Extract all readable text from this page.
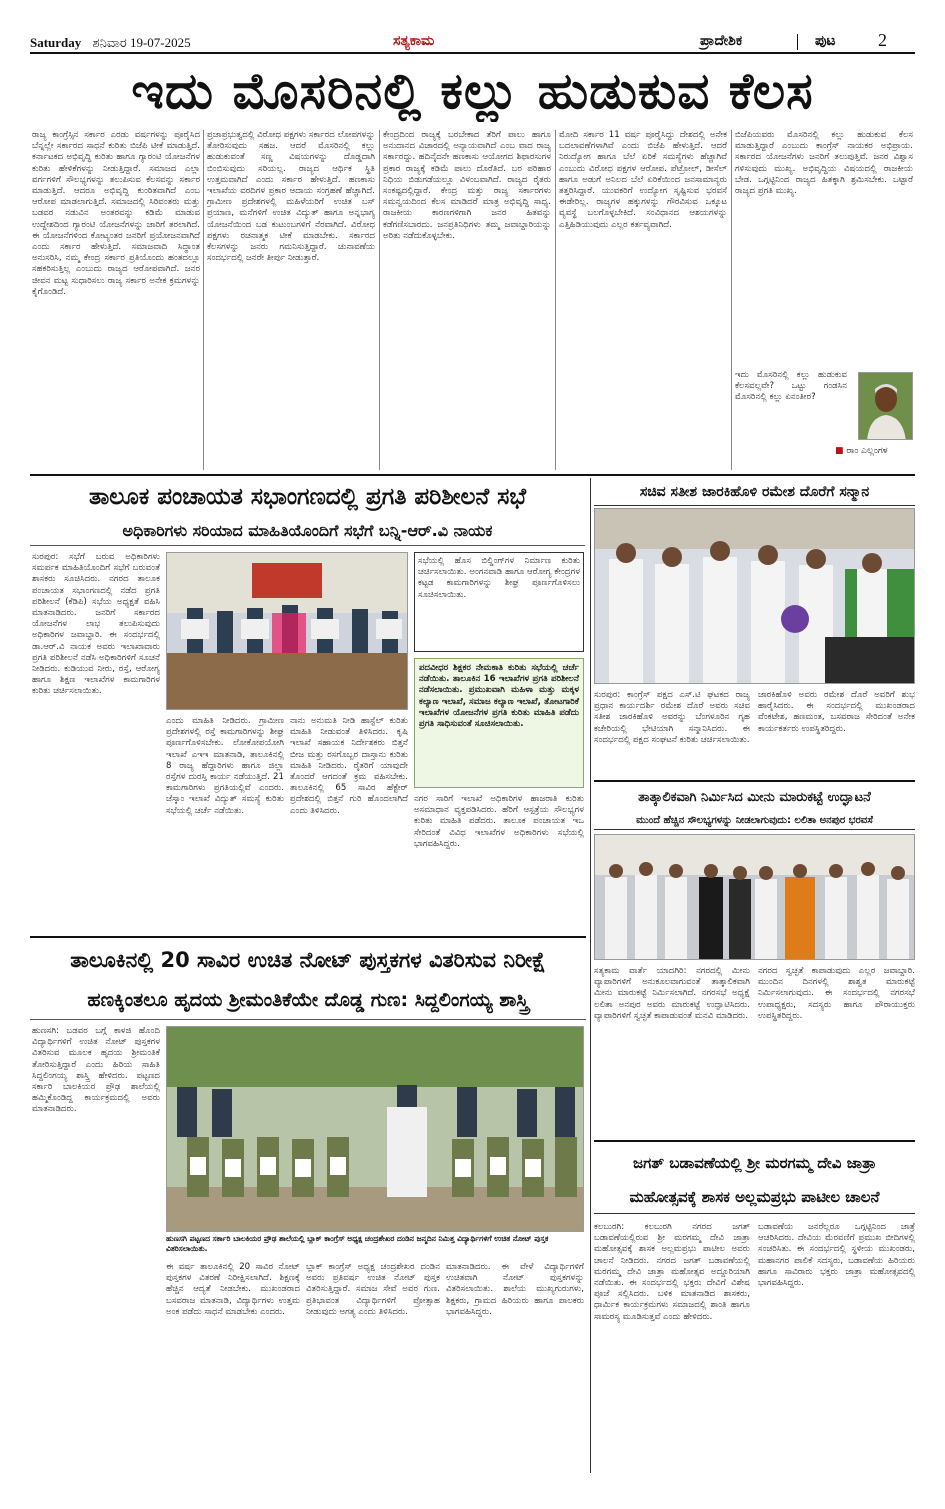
Saturday ಶನಿವಾರ 19-07-2025	ಸತ್ಯಕಾಮ	ಪ್ರಾದೇಶಿಕ	ಪುಟ 2
ಇದು ಮೊಸರಿನಲ್ಲಿ ಕಲ್ಲು ಹುಡುಕುವ ಕೆಲಸ
ರಾಜ್ಯ ಕಾಂಗ್ರೆಸ್ಸಿನ ಸರ್ಕಾರ ಎರಡು ವರ್ಷಗಳನ್ನು ಪೂರೈಸಿದ ಬೆನ್ನಲ್ಲೇ ಸರ್ಕಾರದ ಸಾಧನೆ ಕುರಿತು ಬಿಜೆಪಿ ಟೀಕೆ ಮಾಡುತ್ತಿದೆ. ಕರ್ನಾಟಕದ ಅಭಿವೃದ್ಧಿ ಕುರಿತು ಹಾಗೂ ಗ್ಯಾರಂಟಿ ಯೋಜನೆಗಳ ಕುರಿತು ಹೇಳಿಕೆಗಳನ್ನು ನೀಡುತ್ತಿದ್ದಾರೆ. ಸಮಾಜದ ಎಲ್ಲಾ ವರ್ಗಗಳಿಗೆ ಸೌಲಭ್ಯಗಳನ್ನು ತಲುಪಿಸುವ ಕೆಲಸವನ್ನು ಸರ್ಕಾರ ಮಾಡುತ್ತಿದೆ. ಆದರೂ ಅಭಿವೃದ್ಧಿ ಕುಂಠಿತವಾಗಿದೆ ಎಂಬ ಆರೋಪ ಮಾಡಲಾಗುತ್ತಿದೆ. ಸಮಾಜದಲ್ಲಿ ಸಿರಿವಂತರು ಮತ್ತು ಬಡವರ ನಡುವಿನ ಅಂತರವನ್ನು ಕಡಿಮೆ ಮಾಡುವ ಉದ್ದೇಶದಿಂದ ಗ್ಯಾರಂಟಿ ಯೋಜನೆಗಳನ್ನು ಜಾರಿಗೆ ತರಲಾಗಿದೆ. ಈ ಯೋಜನೆಗಳಿಂದ ಕೋಟ್ಯಂತರ ಜನರಿಗೆ ಪ್ರಯೋಜನವಾಗಿದೆ ಎಂದು ಸರ್ಕಾರ ಹೇಳುತ್ತಿದೆ. ಸಮಾಜವಾದಿ ಸಿದ್ಧಾಂತ ಅನುಸರಿಸಿ, ನಮ್ಮ ಕೇಂದ್ರ ಸರ್ಕಾರ ಪ್ರತಿಯೊಂದು ಹಂತದಲ್ಲೂ ಸಹಕರಿಸುತ್ತಿಲ್ಲ ಎಂಬುದು ರಾಜ್ಯದ ಆರೋಪವಾಗಿದೆ. ಜನರ ಜೀವನ ಮಟ್ಟ ಸುಧಾರಿಸಲು ರಾಜ್ಯ ಸರ್ಕಾರ ಅನೇಕ ಕ್ರಮಗಳನ್ನು ಕೈಗೊಂಡಿದೆ.
ಪ್ರಜಾಪ್ರಭುತ್ವದಲ್ಲಿ ವಿರೋಧ ಪಕ್ಷಗಳು ಸರ್ಕಾರದ ಲೋಪಗಳನ್ನು ತೋರಿಸುವುದು ಸಹಜ. ಆದರೆ ಮೊಸರಿನಲ್ಲಿ ಕಲ್ಲು ಹುಡುಕುವಂತೆ ಸಣ್ಣ ವಿಷಯಗಳನ್ನು ದೊಡ್ಡದಾಗಿ ಬಿಂಬಿಸುವುದು ಸರಿಯಲ್ಲ. ರಾಜ್ಯದ ಆರ್ಥಿಕ ಸ್ಥಿತಿ ಉತ್ತಮವಾಗಿದೆ ಎಂದು ಸರ್ಕಾರ ಹೇಳುತ್ತಿದೆ. ಹಣಕಾಸು ಇಲಾಖೆಯ ವರದಿಗಳ ಪ್ರಕಾರ ಆದಾಯ ಸಂಗ್ರಹಣೆ ಹೆಚ್ಚಾಗಿದೆ. ಗ್ರಾಮೀಣ ಪ್ರದೇಶಗಳಲ್ಲಿ ಮಹಿಳೆಯರಿಗೆ ಉಚಿತ ಬಸ್ ಪ್ರಯಾಣ, ಮನೆಗಳಿಗೆ ಉಚಿತ ವಿದ್ಯುತ್ ಹಾಗೂ ಅನ್ನಭಾಗ್ಯ ಯೋಜನೆಯಿಂದ ಬಡ ಕುಟುಂಬಗಳಿಗೆ ನೆರವಾಗಿದೆ. ವಿರೋಧ ಪಕ್ಷಗಳು ರಚನಾತ್ಮಕ ಟೀಕೆ ಮಾಡಬೇಕು. ಸರ್ಕಾರದ ಕೆಲಸಗಳನ್ನು ಜನರು ಗಮನಿಸುತ್ತಿದ್ದಾರೆ. ಚುನಾವಣೆಯ ಸಂದರ್ಭದಲ್ಲಿ ಜನರೇ ತೀರ್ಪು ನೀಡುತ್ತಾರೆ.
ಕೇಂದ್ರದಿಂದ ರಾಜ್ಯಕ್ಕೆ ಬರಬೇಕಾದ ತೆರಿಗೆ ಪಾಲು ಹಾಗೂ ಅನುದಾನದ ವಿಚಾರದಲ್ಲಿ ಅನ್ಯಾಯವಾಗಿದೆ ಎಂಬ ವಾದ ರಾಜ್ಯ ಸರ್ಕಾರದ್ದು. ಹದಿನೈದನೇ ಹಣಕಾಸು ಆಯೋಗದ ಶಿಫಾರಸುಗಳ ಪ್ರಕಾರ ರಾಜ್ಯಕ್ಕೆ ಕಡಿಮೆ ಪಾಲು ದೊರೆತಿದೆ. ಬರ ಪರಿಹಾರ ನಿಧಿಯ ಬಿಡುಗಡೆಯಲ್ಲೂ ವಿಳಂಬವಾಗಿದೆ. ರಾಜ್ಯದ ರೈತರು ಸಂಕಷ್ಟದಲ್ಲಿದ್ದಾರೆ. ಕೇಂದ್ರ ಮತ್ತು ರಾಜ್ಯ ಸರ್ಕಾರಗಳು ಸಮನ್ವಯದಿಂದ ಕೆಲಸ ಮಾಡಿದರೆ ಮಾತ್ರ ಅಭಿವೃದ್ಧಿ ಸಾಧ್ಯ. ರಾಜಕೀಯ ಕಾರಣಗಳಿಗಾಗಿ ಜನರ ಹಿತವನ್ನು ಕಡೆಗಣಿಸಬಾರದು. ಜನಪ್ರತಿನಿಧಿಗಳು ತಮ್ಮ ಜವಾಬ್ದಾರಿಯನ್ನು ಅರಿತು ನಡೆದುಕೊಳ್ಳಬೇಕು.
ಮೋದಿ ಸರ್ಕಾರ 11 ವರ್ಷ ಪೂರೈಸಿದ್ದು ದೇಶದಲ್ಲಿ ಅನೇಕ ಬದಲಾವಣೆಗಳಾಗಿವೆ ಎಂದು ಬಿಜೆಪಿ ಹೇಳುತ್ತಿದೆ. ಆದರೆ ನಿರುದ್ಯೋಗ ಹಾಗೂ ಬೆಲೆ ಏರಿಕೆ ಸಮಸ್ಯೆಗಳು ಹೆಚ್ಚಾಗಿವೆ ಎಂಬುದು ವಿರೋಧ ಪಕ್ಷಗಳ ಆರೋಪ. ಪೆಟ್ರೋಲ್, ಡೀಸೆಲ್ ಹಾಗೂ ಅಡುಗೆ ಅನಿಲದ ಬೆಲೆ ಏರಿಕೆಯಿಂದ ಜನಸಾಮಾನ್ಯರು ತತ್ತರಿಸಿದ್ದಾರೆ. ಯುವಕರಿಗೆ ಉದ್ಯೋಗ ಸೃಷ್ಟಿಸುವ ಭರವಸೆ ಈಡೇರಿಲ್ಲ. ರಾಜ್ಯಗಳ ಹಕ್ಕುಗಳನ್ನು ಗೌರವಿಸುವ ಒಕ್ಕೂಟ ವ್ಯವಸ್ಥೆ ಬಲಗೊಳ್ಳಬೇಕಿದೆ. ಸಂವಿಧಾನದ ಆಶಯಗಳನ್ನು ಎತ್ತಿಹಿಡಿಯುವುದು ಎಲ್ಲರ ಕರ್ತವ್ಯವಾಗಿದೆ.
ಬಿಜೆಪಿಯವರು ಮೊಸರಿನಲ್ಲಿ ಕಲ್ಲು ಹುಡುಕುವ ಕೆಲಸ ಮಾಡುತ್ತಿದ್ದಾರೆ ಎಂಬುದು ಕಾಂಗ್ರೆಸ್ ನಾಯಕರ ಅಭಿಪ್ರಾಯ. ಸರ್ಕಾರದ ಯೋಜನೆಗಳು ಜನರಿಗೆ ತಲುಪುತ್ತಿವೆ. ಜನರ ವಿಶ್ವಾಸ ಗಳಿಸುವುದು ಮುಖ್ಯ. ಅಭಿವೃದ್ಧಿಯ ವಿಷಯದಲ್ಲಿ ರಾಜಕೀಯ ಬೇಡ. ಒಗ್ಗಟ್ಟಿನಿಂದ ರಾಜ್ಯದ ಹಿತಕ್ಕಾಗಿ ಶ್ರಮಿಸಬೇಕು. ಒಟ್ಟಾರೆ ರಾಜ್ಯದ ಪ್ರಗತಿ ಮುಖ್ಯ.
ಇದು ಮೊಸರಿನಲ್ಲಿ ಕಲ್ಲು ಹುಡುಕುವ ಕೆಲಸವಲ್ಲವೇ? ಒಟ್ಟು ಗಂಡಸಿನ ಮೊಸರಿನಲ್ಲಿ ಕಲ್ಲು ಏನಂತೀರ?
■ ರಾಂ ಎಲ್ಲಂಗಳ
ತಾಲೂಕ ಪಂಚಾಯತ ಸಭಾಂಗಣದಲ್ಲಿ ಪ್ರಗತಿ ಪರಿಶೀಲನೆ ಸಭೆ
ಅಧಿಕಾರಿಗಳು ಸರಿಯಾದ ಮಾಹಿತಿಯೊಂದಿಗೆ ಸಭೆಗೆ ಬನ್ನಿ-ಆರ್.ವಿ ನಾಯಕ
ಸುರಪುರ: ಸಭೆಗೆ ಬರುವ ಅಧಿಕಾರಿಗಳು ಸಮರ್ಪಕ ಮಾಹಿತಿಯೊಂದಿಗೆ ಸಭೆಗೆ ಬರುವಂತೆ ಶಾಸಕರು ಸೂಚಿಸಿದರು. ನಗರದ ತಾಲೂಕ ಪಂಚಾಯತ ಸಭಾಂಗಣದಲ್ಲಿ ನಡೆದ ಪ್ರಗತಿ ಪರಿಶೀಲನೆ (ಕೆಡಿಪಿ) ಸಭೆಯ ಅಧ್ಯಕ್ಷತೆ ವಹಿಸಿ ಮಾತನಾಡಿದರು. ಜನರಿಗೆ ಸರ್ಕಾರದ ಯೋಜನೆಗಳ ಲಾಭ ತಲುಪಿಸುವುದು ಅಧಿಕಾರಿಗಳ ಜವಾಬ್ದಾರಿ. ಈ ಸಂದರ್ಭದಲ್ಲಿ ಡಾ.ಆರ್.ವಿ ನಾಯಕ ಅವರು ಇಲಾಖಾವಾರು ಪ್ರಗತಿ ಪರಿಶೀಲನೆ ನಡೆಸಿ ಅಧಿಕಾರಿಗಳಿಗೆ ಸೂಚನೆ ನೀಡಿದರು. ಕುಡಿಯುವ ನೀರು, ರಸ್ತೆ, ಆರೋಗ್ಯ ಹಾಗೂ ಶಿಕ್ಷಣ ಇಲಾಖೆಗಳ ಕಾಮಗಾರಿಗಳ ಕುರಿತು ಚರ್ಚಿಸಲಾಯಿತು.
ಎಂದು ಮಾಹಿತಿ ನೀಡಿದರು. ಗ್ರಾಮೀಣ ಪ್ರದೇಶಗಳಲ್ಲಿ ರಸ್ತೆ ಕಾಮಗಾರಿಗಳನ್ನು ಶೀಘ್ರ ಪೂರ್ಣಗೊಳಿಸಬೇಕು. ಲೋಕೋಪಯೋಗಿ ಇಲಾಖೆ ಎಇಇ ಮಾತನಾಡಿ, ತಾಲೂಕಿನಲ್ಲಿ 8 ರಾಜ್ಯ ಹೆದ್ದಾರಿಗಳು ಹಾಗೂ ಜಿಲ್ಲಾ ರಸ್ತೆಗಳ ದುರಸ್ತಿ ಕಾರ್ಯ ನಡೆಯುತ್ತಿದೆ. 21 ಕಾಮಗಾರಿಗಳು ಪ್ರಗತಿಯಲ್ಲಿವೆ ಎಂದರು. ಜೆಸ್ಕಾಂ ಇಲಾಖೆ ವಿದ್ಯುತ್ ಸಮಸ್ಯೆ ಕುರಿತು ಸಭೆಯಲ್ಲಿ ಚರ್ಚೆ ನಡೆಯಿತು.
ನಾನು ಅನುಮತಿ ನೀಡಿ ಹಾಸ್ಟೆಲ್ ಕುರಿತು ಮಾಹಿತಿ ನೀಡುವಂತೆ ತಿಳಿಸಿದರು. ಕೃಷಿ ಇಲಾಖೆ ಸಹಾಯಕ ನಿರ್ದೇಶಕರು ಬಿತ್ತನೆ ಬೀಜ ಮತ್ತು ರಸಗೊಬ್ಬರ ದಾಸ್ತಾನು ಕುರಿತು ಮಾಹಿತಿ ನೀಡಿದರು. ರೈತರಿಗೆ ಯಾವುದೇ ತೊಂದರೆ ಆಗದಂತೆ ಕ್ರಮ ವಹಿಸಬೇಕು. ತಾಲೂಕಿನಲ್ಲಿ 65 ಸಾವಿರ ಹೆಕ್ಟೇರ್ ಪ್ರದೇಶದಲ್ಲಿ ಬಿತ್ತನೆ ಗುರಿ ಹೊಂದಲಾಗಿದೆ ಎಂದು ತಿಳಿಸಿದರು.
ಸಭೆಯಲ್ಲಿ ಹೊಸ ಬಿಲ್ಡಿಂಗ್‌ಗಳ ನಿರ್ಮಾಣ ಕುರಿತು ಚರ್ಚಿಸಲಾಯಿತು. ಅಂಗನವಾಡಿ ಹಾಗೂ ಆರೋಗ್ಯ ಕೇಂದ್ರಗಳ ಕಟ್ಟಡ ಕಾಮಗಾರಿಗಳನ್ನು ಶೀಘ್ರ ಪೂರ್ಣಗೊಳಿಸಲು ಸೂಚಿಸಲಾಯಿತು.
ಪದವೀಧರ ಶಿಕ್ಷಕರ ನೇಮಕಾತಿ ಕುರಿತು ಸಭೆಯಲ್ಲಿ ಚರ್ಚೆ ನಡೆಯಿತು. ತಾಲೂಕಿನ 16 ಇಲಾಖೆಗಳ ಪ್ರಗತಿ ಪರಿಶೀಲನೆ ನಡೆಸಲಾಯಿತು. ಪ್ರಮುಖವಾಗಿ ಮಹಿಳಾ ಮತ್ತು ಮಕ್ಕಳ ಕಲ್ಯಾಣ ಇಲಾಖೆ, ಸಮಾಜ ಕಲ್ಯಾಣ ಇಲಾಖೆ, ತೋಟಗಾರಿಕೆ ಇಲಾಖೆಗಳ ಯೋಜನೆಗಳ ಪ್ರಗತಿ ಕುರಿತು ಮಾಹಿತಿ ಪಡೆದು ಪ್ರಗತಿ ಸಾಧಿಸುವಂತೆ ಸೂಚಿಸಲಾಯಿತು.
ನಗರ ಸಾರಿಗೆ ಇಲಾಖೆ ಅಧಿಕಾರಿಗಳ ಹಾಜರಾತಿ ಕುರಿತು ಅಸಮಾಧಾನ ವ್ಯಕ್ತಪಡಿಸಿದರು. ಹೆರಿಗೆ ಆಸ್ಪತ್ರೆಯ ಸೌಲಭ್ಯಗಳ ಕುರಿತು ಮಾಹಿತಿ ಪಡೆದರು. ತಾಲೂಕ ಪಂಚಾಯತ ಇಒ ಸೇರಿದಂತೆ ವಿವಿಧ ಇಲಾಖೆಗಳ ಅಧಿಕಾರಿಗಳು ಸಭೆಯಲ್ಲಿ ಭಾಗವಹಿಸಿದ್ದರು.
ಸಚಿವ ಸತೀಶ ಜಾರಕಿಹೊಳಿ ರಮೇಶ ದೊರೆಗೆ ಸನ್ಮಾನ
ಸುರಪುರ: ಕಾಂಗ್ರೆಸ್ ಪಕ್ಷದ ಎಸ್.ಟಿ ಘಟಕದ ರಾಜ್ಯ ಪ್ರಧಾನ ಕಾರ್ಯದರ್ಶಿ ರಮೇಶ ದೊರೆ ಅವರು ಸಚಿವ ಸತೀಶ ಜಾರಕಿಹೊಳಿ ಅವರನ್ನು ಬೆಂಗಳೂರಿನ ಗೃಹ ಕಚೇರಿಯಲ್ಲಿ ಭೇಟಿಯಾಗಿ ಸನ್ಮಾನಿಸಿದರು. ಈ ಸಂದರ್ಭದಲ್ಲಿ ಪಕ್ಷದ ಸಂಘಟನೆ ಕುರಿತು ಚರ್ಚಿಸಲಾಯಿತು.
ಜಾರಕಿಹೊಳಿ ಅವರು ರಮೇಶ ದೊರೆ ಅವರಿಗೆ ಶುಭ ಹಾರೈಸಿದರು. ಈ ಸಂದರ್ಭದಲ್ಲಿ ಮುಖಂಡರಾದ ವೆಂಕಟೇಶ, ಹಣಮಂತ, ಬಸವರಾಜ ಸೇರಿದಂತೆ ಅನೇಕ ಕಾರ್ಯಕರ್ತರು ಉಪಸ್ಥಿತರಿದ್ದರು.
ತಾತ್ಕಾಲಿಕವಾಗಿ ನಿರ್ಮಿಸಿದ ಮೀನು ಮಾರುಕಟ್ಟೆ ಉದ್ಘಾಟನೆ
ಮುಂದೆ ಹೆಚ್ಚಿನ ಸೌಲಭ್ಯಗಳನ್ನು ನೀಡಲಾಗುವುದು: ಲಲಿತಾ ಅನಪುರ ಭರವಸೆ
ಸತ್ಯಕಾಮ ವಾರ್ತೆ ಯಾದಗಿರಿ: ನಗರದಲ್ಲಿ ಮೀನು ವ್ಯಾಪಾರಿಗಳಿಗೆ ಅನುಕೂಲವಾಗುವಂತೆ ತಾತ್ಕಾಲಿಕವಾಗಿ ಮೀನು ಮಾರುಕಟ್ಟೆ ನಿರ್ಮಿಸಲಾಗಿದೆ. ನಗರಸಭೆ ಅಧ್ಯಕ್ಷೆ ಲಲಿತಾ ಅನಪುರ ಅವರು ಮಾರುಕಟ್ಟೆ ಉದ್ಘಾಟಿಸಿದರು. ವ್ಯಾಪಾರಿಗಳಿಗೆ ಸ್ವಚ್ಛತೆ ಕಾಪಾಡುವಂತೆ ಮನವಿ ಮಾಡಿದರು.
ನಗರದ ಸ್ವಚ್ಛತೆ ಕಾಪಾಡುವುದು ಎಲ್ಲರ ಜವಾಬ್ದಾರಿ. ಮುಂದಿನ ದಿನಗಳಲ್ಲಿ ಶಾಶ್ವತ ಮಾರುಕಟ್ಟೆ ನಿರ್ಮಿಸಲಾಗುವುದು. ಈ ಸಂದರ್ಭದಲ್ಲಿ ನಗರಸಭೆ ಉಪಾಧ್ಯಕ್ಷರು, ಸದಸ್ಯರು ಹಾಗೂ ಪೌರಾಯುಕ್ತರು ಉಪಸ್ಥಿತರಿದ್ದರು.
ತಾಲೂಕಿನಲ್ಲಿ 20 ಸಾವಿರ ಉಚಿತ ನೋಟ್ ಪುಸ್ತಕಗಳ ವಿತರಿಸುವ ನಿರೀಕ್ಷೆ
ಹಣಕ್ಕಿಂತಲೂ ಹೃದಯ ಶ್ರೀಮಂತಿಕೆಯೇ ದೊಡ್ಡ ಗುಣ: ಸಿದ್ದಲಿಂಗಯ್ಯ ಶಾಸ್ತ್ರಿ
ಹುಣಸಗಿ: ಬಡವರ ಬಗ್ಗೆ ಕಾಳಜಿ ಹೊಂದಿ ವಿದ್ಯಾರ್ಥಿಗಳಿಗೆ ಉಚಿತ ನೋಟ್ ಪುಸ್ತಕಗಳ ವಿತರಿಸುವ ಮೂಲಕ ಹೃದಯ ಶ್ರೀಮಂತಿಕೆ ತೋರಿಸುತ್ತಿದ್ದಾರೆ ಎಂದು ಹಿರಿಯ ಸಾಹಿತಿ ಸಿದ್ದಲಿಂಗಯ್ಯ ಶಾಸ್ತ್ರಿ ಹೇಳಿದರು. ಪಟ್ಟಣದ ಸರ್ಕಾರಿ ಬಾಲಕಿಯರ ಪ್ರೌಢ ಶಾಲೆಯಲ್ಲಿ ಹಮ್ಮಿಕೊಂಡಿದ್ದ ಕಾರ್ಯಕ್ರಮದಲ್ಲಿ ಅವರು ಮಾತನಾಡಿದರು.
ಹುಣಸಗಿ ಪಟ್ಟಣದ ಸರ್ಕಾರಿ ಬಾಲಕಿಯರ ಪ್ರೌಢ ಶಾಲೆಯಲ್ಲಿ ಬ್ಲಾಕ್ ಕಾಂಗ್ರೆಸ್ ಅಧ್ಯಕ್ಷ ಚಂದ್ರಶೇಖರ ದಂಡಿನ ಜನ್ಮದಿನ ನಿಮಿತ್ತ ವಿದ್ಯಾರ್ಥಿಗಳಿಗೆ ಉಚಿತ ನೋಟ್ ಪುಸ್ತಕ ವಿತರಿಸಲಾಯಿತು.
ಈ ವರ್ಷ ತಾಲೂಕಿನಲ್ಲಿ 20 ಸಾವಿರ ನೋಟ್ ಪುಸ್ತಕಗಳ ವಿತರಣೆ ನಿರೀಕ್ಷಿಸಲಾಗಿದೆ. ಶಿಕ್ಷಣಕ್ಕೆ ಹೆಚ್ಚಿನ ಆದ್ಯತೆ ನೀಡಬೇಕು. ಮುಖಂಡರಾದ ಬಸವರಾಜ ಮಾತನಾಡಿ, ವಿದ್ಯಾರ್ಥಿಗಳು ಉತ್ತಮ ಅಂಕ ಪಡೆದು ಸಾಧನೆ ಮಾಡಬೇಕು ಎಂದರು.
ಬ್ಲಾಕ್ ಕಾಂಗ್ರೆಸ್ ಅಧ್ಯಕ್ಷ ಚಂದ್ರಶೇಖರ ದಂಡಿನ ಅವರು ಪ್ರತಿವರ್ಷ ಉಚಿತ ನೋಟ್ ಪುಸ್ತಕ ವಿತರಿಸುತ್ತಿದ್ದಾರೆ. ಸಮಾಜ ಸೇವೆ ಅವರ ಗುಣ. ಪ್ರತಿಭಾವಂತ ವಿದ್ಯಾರ್ಥಿಗಳಿಗೆ ಪ್ರೋತ್ಸಾಹ ನೀಡುವುದು ಅಗತ್ಯ ಎಂದು ತಿಳಿಸಿದರು.
ಮಾತನಾಡಿದರು. ಈ ವೇಳೆ ವಿದ್ಯಾರ್ಥಿಗಳಿಗೆ ಉಚಿತವಾಗಿ ನೋಟ್ ಪುಸ್ತಕಗಳನ್ನು ವಿತರಿಸಲಾಯಿತು. ಶಾಲೆಯ ಮುಖ್ಯಗುರುಗಳು, ಶಿಕ್ಷಕರು, ಗ್ರಾಮದ ಹಿರಿಯರು ಹಾಗೂ ಪಾಲಕರು ಭಾಗವಹಿಸಿದ್ದರು.
ಜಗತ್ ಬಡಾವಣೆಯಲ್ಲಿ ಶ್ರೀ ಮರಗಮ್ಮ ದೇವಿ ಜಾತ್ರಾ
ಮಹೋತ್ಸವಕ್ಕೆ ಶಾಸಕ ಅಲ್ಲಮಪ್ರಭು ಪಾಟೀಲ ಚಾಲನೆ
ಕಲಬುರಗಿ: ಕಲಬುರಗಿ ನಗರದ ಜಗತ್ ಬಡಾವಣೆಯಲ್ಲಿರುವ ಶ್ರೀ ಮರಗಮ್ಮ ದೇವಿ ಜಾತ್ರಾ ಮಹೋತ್ಸವಕ್ಕೆ ಶಾಸಕ ಅಲ್ಲಮಪ್ರಭು ಪಾಟೀಲ ಅವರು ಚಾಲನೆ ನೀಡಿದರು. ನಗರದ ಜಗತ್ ಬಡಾವಣೆಯಲ್ಲಿ ಮರಗಮ್ಮ ದೇವಿ ಜಾತ್ರಾ ಮಹೋತ್ಸವ ಅದ್ದೂರಿಯಾಗಿ ನಡೆಯಿತು. ಈ ಸಂದರ್ಭದಲ್ಲಿ ಭಕ್ತರು ದೇವಿಗೆ ವಿಶೇಷ ಪೂಜೆ ಸಲ್ಲಿಸಿದರು. ಬಳಿಕ ಮಾತನಾಡಿದ ಶಾಸಕರು, ಧಾರ್ಮಿಕ ಕಾರ್ಯಕ್ರಮಗಳು ಸಮಾಜದಲ್ಲಿ ಶಾಂತಿ ಹಾಗೂ ಸಾಮರಸ್ಯ ಮೂಡಿಸುತ್ತವೆ ಎಂದು ಹೇಳಿದರು.
ಬಡಾವಣೆಯ ಜನರೆಲ್ಲರೂ ಒಗ್ಗಟ್ಟಿನಿಂದ ಜಾತ್ರೆ ಆಚರಿಸಿದರು. ದೇವಿಯ ಮೆರವಣಿಗೆ ಪ್ರಮುಖ ಬೀದಿಗಳಲ್ಲಿ ಸಂಚರಿಸಿತು. ಈ ಸಂದರ್ಭದಲ್ಲಿ ಸ್ಥಳೀಯ ಮುಖಂಡರು, ಮಹಾನಗರ ಪಾಲಿಕೆ ಸದಸ್ಯರು, ಬಡಾವಣೆಯ ಹಿರಿಯರು ಹಾಗೂ ಸಾವಿರಾರು ಭಕ್ತರು ಜಾತ್ರಾ ಮಹೋತ್ಸವದಲ್ಲಿ ಭಾಗವಹಿಸಿದ್ದರು.
